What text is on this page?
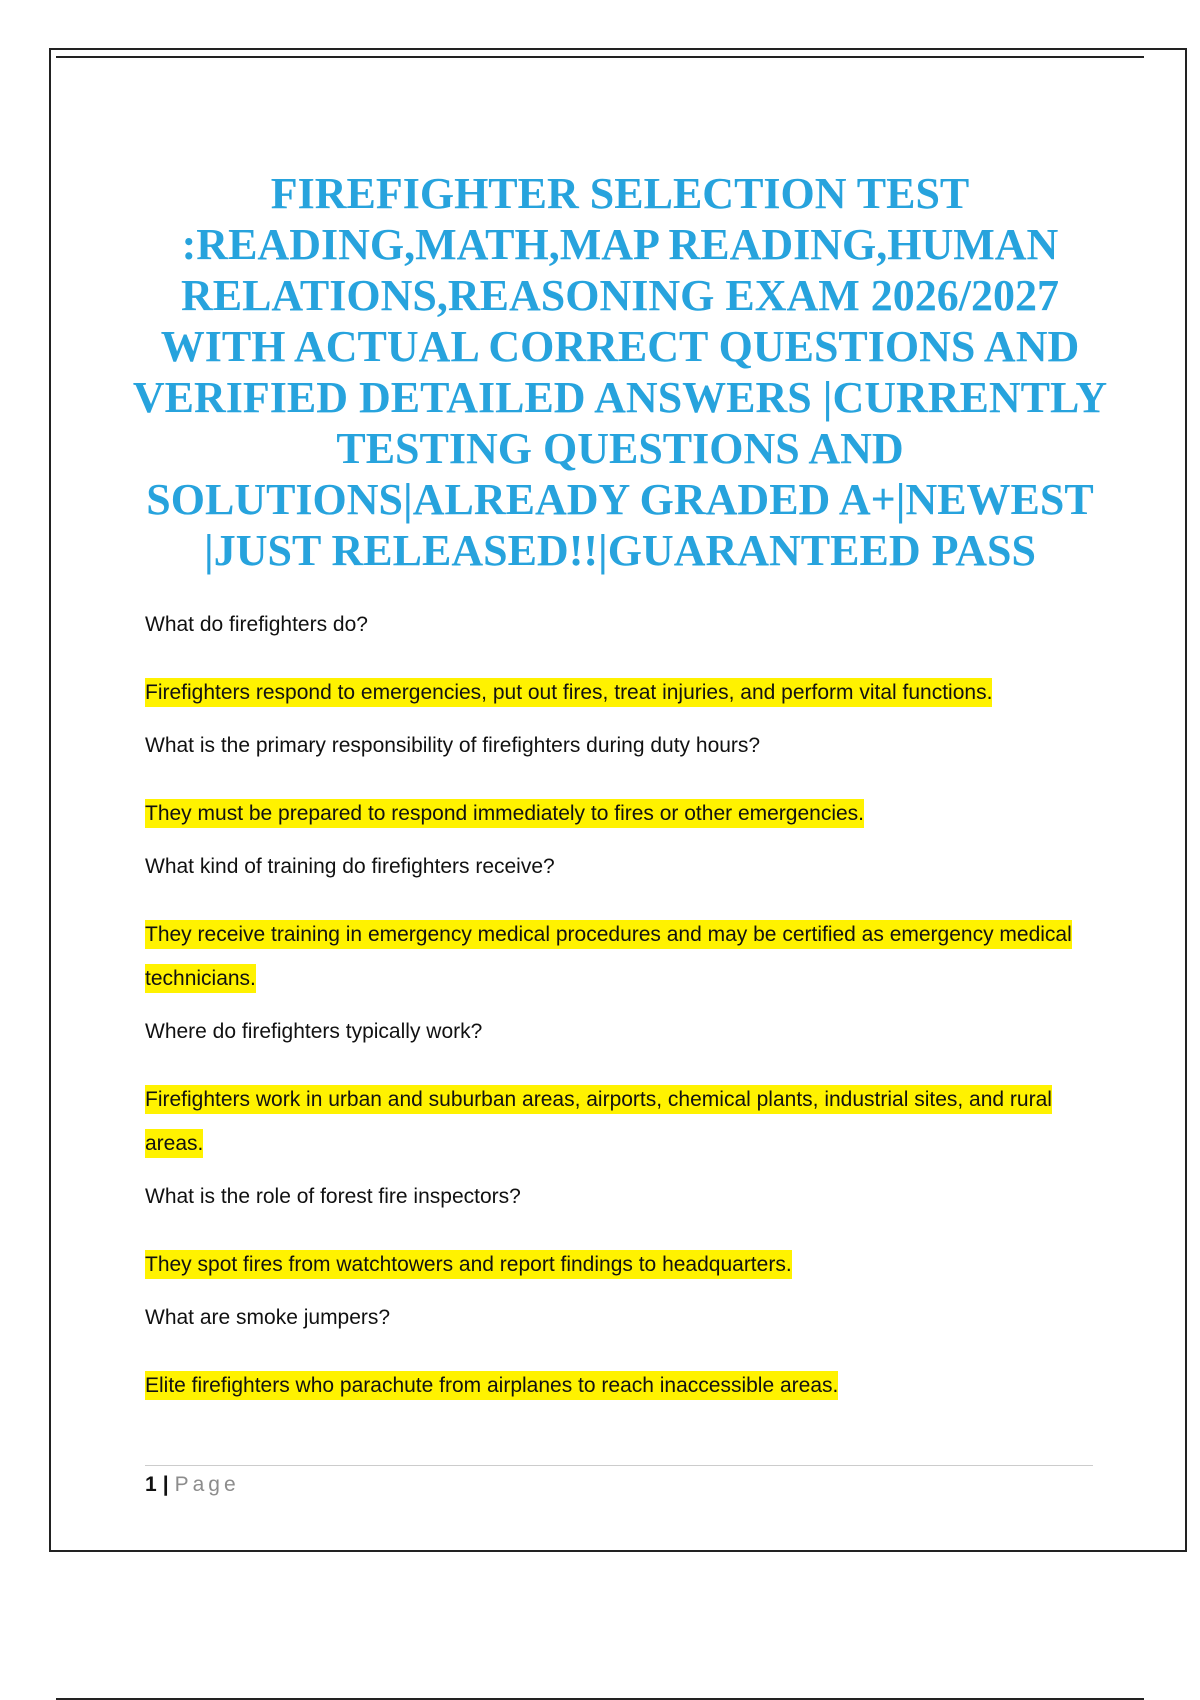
FIREFIGHTER SELECTION TEST :READING,MATH,MAP READING,HUMAN RELATIONS,REASONING EXAM 2026/2027 WITH ACTUAL CORRECT QUESTIONS AND VERIFIED DETAILED ANSWERS |CURRENTLY TESTING QUESTIONS AND SOLUTIONS|ALREADY GRADED A+|NEWEST |JUST RELEASED!!|GUARANTEED PASS
What do firefighters do?
Firefighters respond to emergencies, put out fires, treat injuries, and perform vital functions.
What is the primary responsibility of firefighters during duty hours?
They must be prepared to respond immediately to fires or other emergencies.
What kind of training do firefighters receive?
They receive training in emergency medical procedures and may be certified as emergency medical technicians.
Where do firefighters typically work?
Firefighters work in urban and suburban areas, airports, chemical plants, industrial sites, and rural areas.
What is the role of forest fire inspectors?
They spot fires from watchtowers and report findings to headquarters.
What are smoke jumpers?
Elite firefighters who parachute from airplanes to reach inaccessible areas.
1 | Page
